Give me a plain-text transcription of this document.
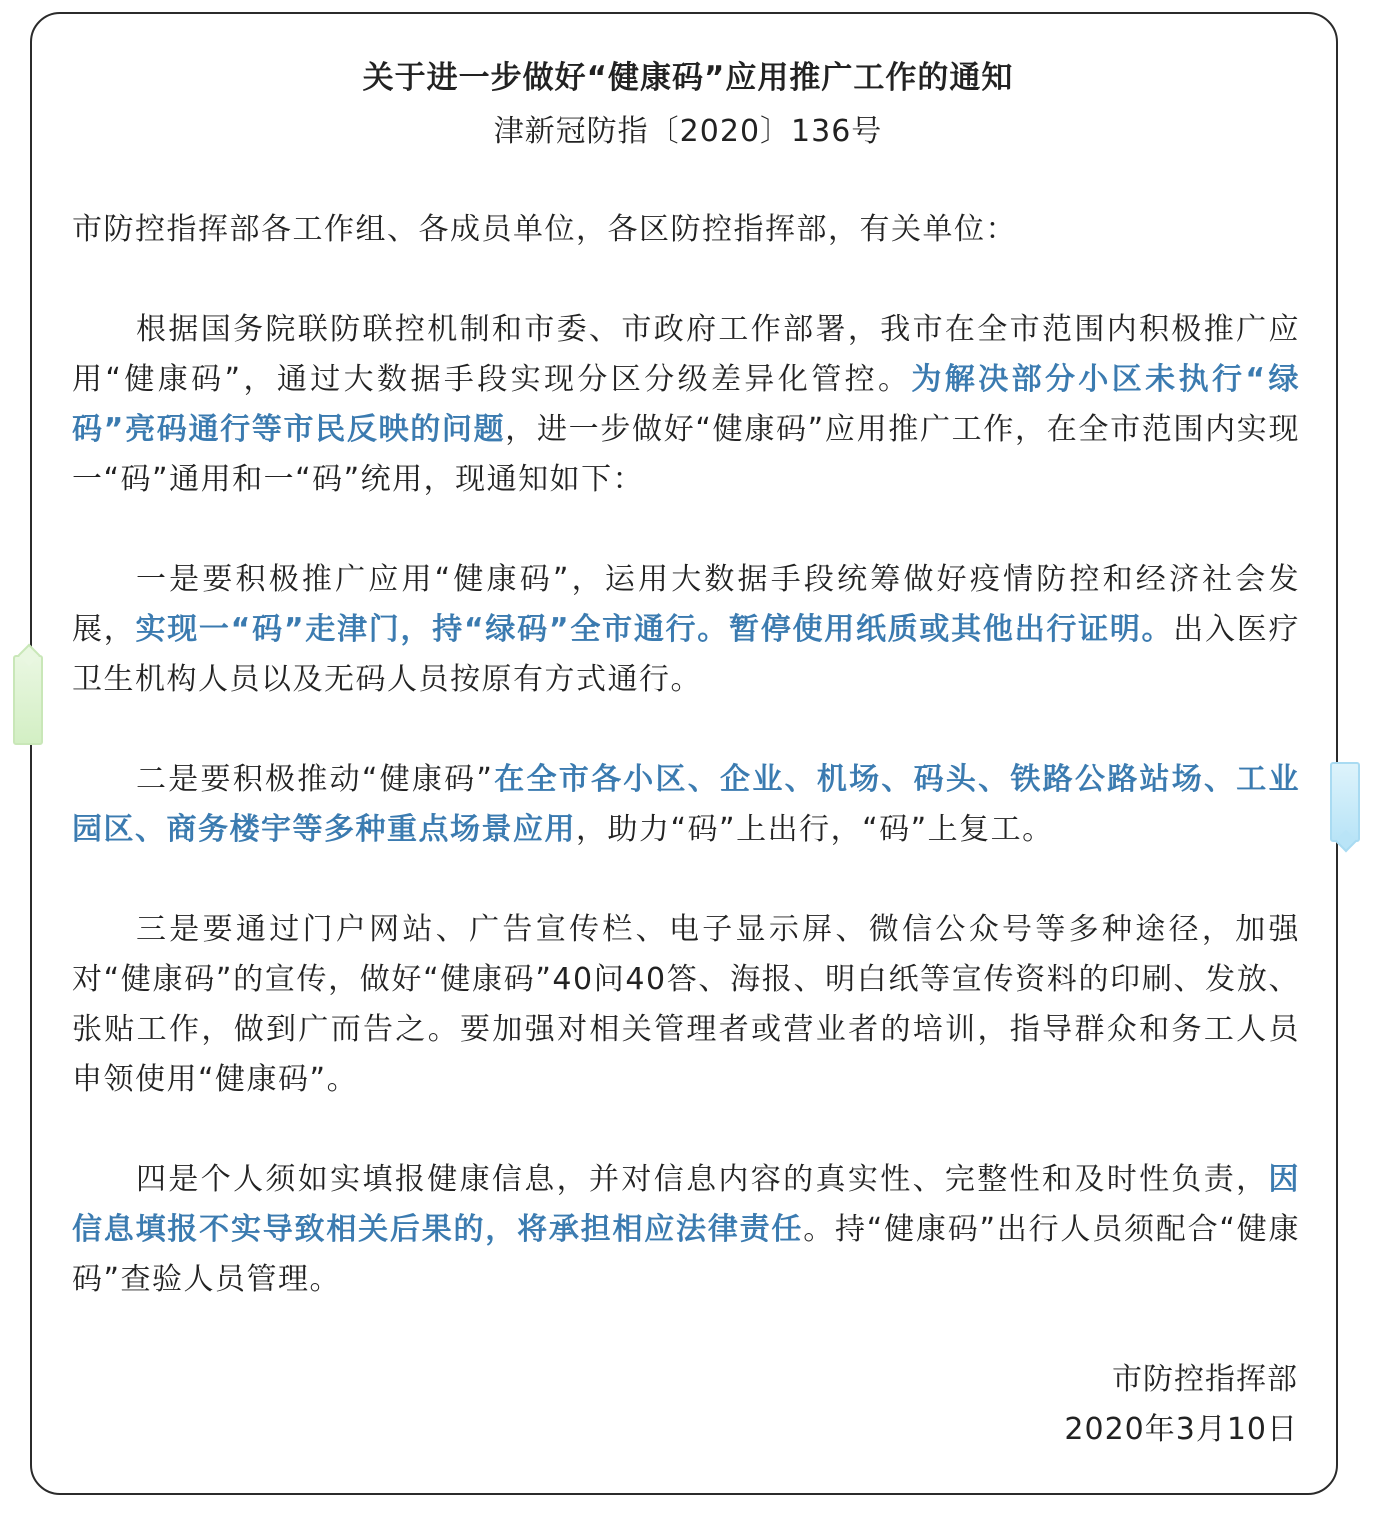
关于进一步做好“健康码”应用推广工作的通知
津新冠防指〔2020〕136号

市防控指挥部各工作组、各成员单位，各区防控指挥部，有关单位：

根据国务院联防联控机制和市委、市政府工作部署，我市在全市范围内积极推广应用“健康码”，通过大数据手段实现分区分级差异化管控。为解决部分小区未执行“绿码”亮码通行等市民反映的问题，进一步做好“健康码”应用推广工作，在全市范围内实现一“码”通用和一“码”统用，现通知如下：

一是要积极推广应用“健康码”，运用大数据手段统筹做好疫情防控和经济社会发展，实现一“码”走津门，持“绿码”全市通行。暂停使用纸质或其他出行证明。出入医疗卫生机构人员以及无码人员按原有方式通行。

二是要积极推动“健康码”在全市各小区、企业、机场、码头、铁路公路站场、工业园区、商务楼宇等多种重点场景应用，助力“码”上出行，“码”上复工。

三是要通过门户网站、广告宣传栏、电子显示屏、微信公众号等多种途径，加强对“健康码”的宣传，做好“健康码”40问40答、海报、明白纸等宣传资料的印刷、发放、张贴工作，做到广而告之。要加强对相关管理者或营业者的培训，指导群众和务工人员申领使用“健康码”。

四是个人须如实填报健康信息，并对信息内容的真实性、完整性和及时性负责，因信息填报不实导致相关后果的，将承担相应法律责任。持“健康码”出行人员须配合“健康码”查验人员管理。

市防控指挥部
2020年3月10日
